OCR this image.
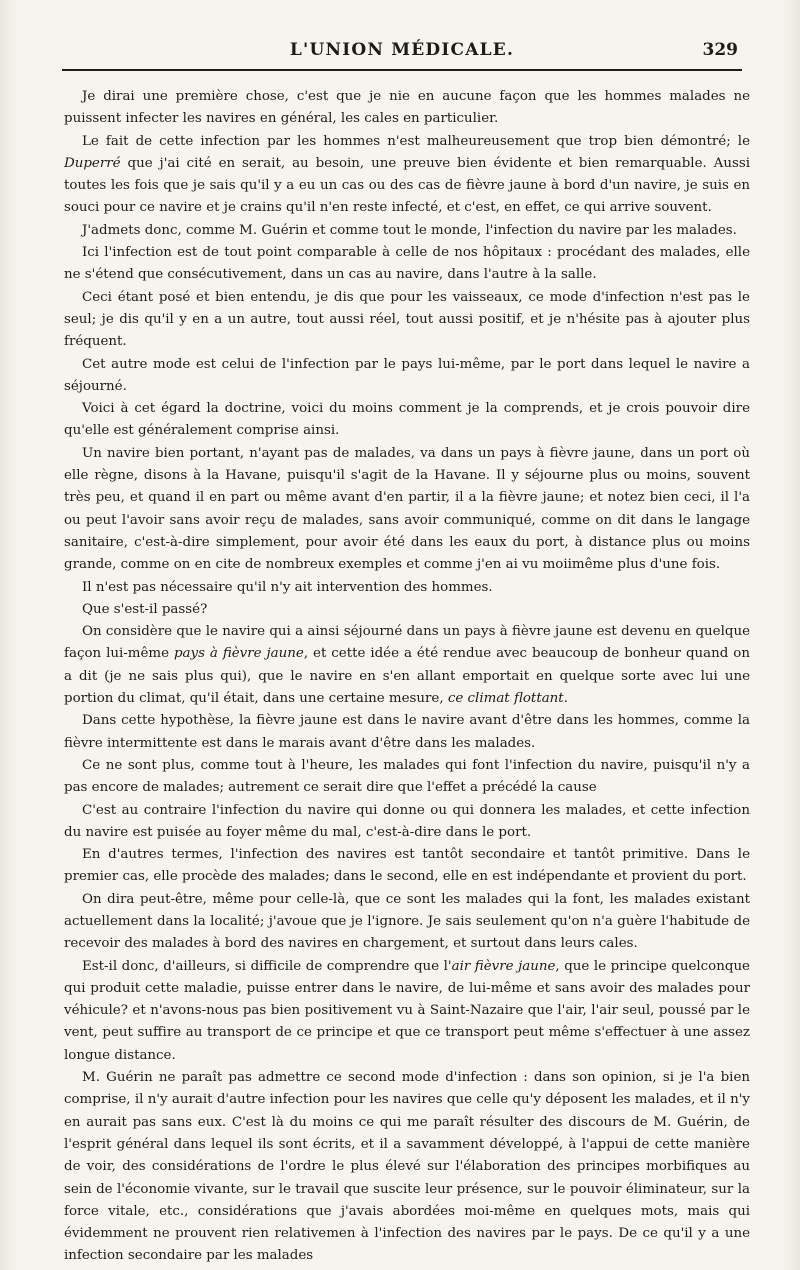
L'UNION MÉDICALE.	329

Je dirai une première chose, c'est que je nie en aucune façon que les hommes malades ne puissent infecter les navires en général, les cales en particulier.

Le fait de cette infection par les hommes n'est malheureusement que trop bien démontré; le Duperré que j'ai cité en serait, au besoin, une preuve bien évidente et bien remarquable. Aussi toutes les fois que je sais qu'il y a eu un cas ou des cas de fièvre jaune à bord d'un navire, je suis en souci pour ce navire et je crains qu'il n'en reste infecté, et c'est, en effet, ce qui arrive souvent.

J'admets donc, comme M. Guérin et comme tout le monde, l'infection du navire par les malades.

Ici l'infection est de tout point comparable à celle de nos hôpitaux : procédant des malades, elle ne s'étend que consécutivement, dans un cas au navire, dans l'autre à la salle.

Ceci étant posé et bien entendu, je dis que pour les vaisseaux, ce mode d'infection n'est pas le seul; je dis qu'il y en a un autre, tout aussi réel, tout aussi positif, et je n'hésite pas à ajouter plus fréquent.

Cet autre mode est celui de l'infection par le pays lui-même, par le port dans lequel le navire a séjourné.

Voici à cet égard la doctrine, voici du moins comment je la comprends, et je crois pouvoir dire qu'elle est généralement comprise ainsi.

Un navire bien portant, n'ayant pas de malades, va dans un pays à fièvre jaune, dans un port où elle règne, disons à la Havane, puisqu'il s'agit de la Havane. Il y séjourne plus ou moins, souvent très peu, et quand il en part ou même avant d'en partir, il a la fièvre jaune; et notez bien ceci, il l'a ou peut l'avoir sans avoir reçu de malades, sans avoir communiqué, comme on dit dans le langage sanitaire, c'est-à-dire simplement, pour avoir été dans les eaux du port, à distance plus ou moins grande, comme on en cite de nombreux exemples et comme j'en ai vu moiimême plus d'une fois.

Il n'est pas nécessaire qu'il n'y ait intervention des hommes.

Que s'est-il passé?

On considère que le navire qui a ainsi séjourné dans un pays à fièvre jaune est devenu en quelque façon lui-même pays à fièvre jaune, et cette idée a été rendue avec beaucoup de bonheur quand on a dit (je ne sais plus qui), que le navire en s'en allant emportait en quelque sorte avec lui une portion du climat, qu'il était, dans une certaine mesure, ce climat flottant.

Dans cette hypothèse, la fièvre jaune est dans le navire avant d'être dans les hommes, comme la fièvre intermittente est dans le marais avant d'être dans les malades.

Ce ne sont plus, comme tout à l'heure, les malades qui font l'infection du navire, puisqu'il n'y a pas encore de malades; autrement ce serait dire que l'effet a précédé la cause

C'est au contraire l'infection du navire qui donne ou qui donnera les malades, et cette infection du navire est puisée au foyer même du mal, c'est-à-dire dans le port.

En d'autres termes, l'infection des navires est tantôt secondaire et tantôt primitive. Dans le premier cas, elle procède des malades; dans le second, elle en est indépendante et provient du port.

On dira peut-être, même pour celle-là, que ce sont les malades qui la font, les malades existant actuellement dans la localité; j'avoue que je l'ignore. Je sais seulement qu'on n'a guère l'habitude de recevoir des malades à bord des navires en chargement, et surtout dans leurs cales.

Est-il donc, d'ailleurs, si difficile de comprendre que l'air fièvre jaune, que le principe quelconque qui produit cette maladie, puisse entrer dans le navire, de lui-même et sans avoir des malades pour véhicule? et n'avons-nous pas bien positivement vu à Saint-Nazaire que l'air, l'air seul, poussé par le vent, peut suffire au transport de ce principe et que ce transport peut même s'effectuer à une assez longue distance.

M. Guérin ne paraît pas admettre ce second mode d'infection : dans son opinion, si je l'a bien comprise, il n'y aurait d'autre infection pour les navires que celle qu'y déposent les malades, et il n'y en aurait pas sans eux. C'est là du moins ce qui me paraît résulter des discours de M. Guérin, de l'esprit général dans lequel ils sont écrits, et il a savamment développé, à l'appui de cette manière de voir, des considérations de l'ordre le plus élevé sur l'élaboration des principes morbifiques au sein de l'économie vivante, sur le travail que suscite leur présence, sur le pouvoir éliminateur, sur la force vitale, etc., considérations que j'avais abordées moi-même en quelques mots, mais qui évidemment ne prouvent rien relativemen à l'infection des navires par le pays. De ce qu'il y a une infection secondaire par les malades
